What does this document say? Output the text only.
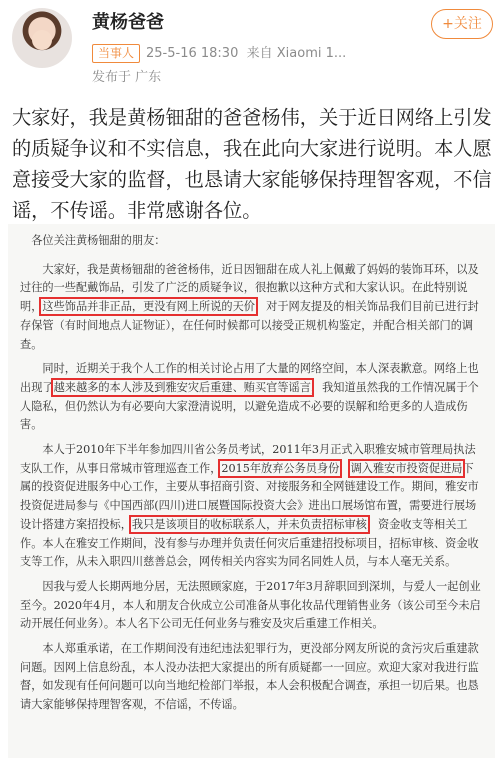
黄杨爸爸	+关注
当事人 25-5-16 18:30 来自 Xiaomi 1...
发布于 广东
大家好，我是黄杨钿甜的爸爸杨伟，关于近日网络上引发的质疑争议和不实信息，我在此向大家进行说明。本人愿意接受大家的监督，也恳请大家能够保持理智客观，不信谣，不传谣。非常感谢各位。

各位关注黄杨钿甜的朋友：

大家好，我是黄杨钿甜的爸爸杨伟，近日因钿甜在成人礼上佩戴了妈妈的装饰耳环，以及过往的一些配戴饰品，引发了广泛的质疑争议，很抱歉以这种方式和大家认识。在此特别说明，这些饰品并非正品，更没有网上所说的天价，对于网友提及的相关饰品我们目前已进行封存保管（有时间地点人证物证），在任何时候都可以接受正规机构鉴定，并配合相关部门的调查。

同时，近期关于我个人工作的相关讨论占用了大量的网络空间，本人深表歉意。网络上也出现了越来越多的本人涉及到雅安灾后重建、贿买官等谣言，我知道虽然我的工作情况属于个人隐私，但仍然认为有必要向大家澄清说明，以避免造成不必要的误解和给更多的人造成伤害。

本人于2010年下半年参加四川省公务员考试，2011年3月正式入职雅安城市管理局执法支队工作，从事日常城市管理巡查工作，2015年放弃公务员身份，调入雅安市投资促进局下属的投资促进服务中心工作，主要从事招商引资、对接服务和全网链建设工作。期间，雅安市投资促进局参与《中国西部(四川)进口展暨国际投资大会》进出口展场馆布置，需要进行展场设计搭建方案招投标，我只是该项目的收标联系人，并未负责招标审核，资金收支等相关工作。本人在雅安工作期间，没有参与办理并负责任何灾后重建招投标项目，招标审核、资金收支等工作，从未入职四川慈善总会，网传相关内容实为同名同姓人员，与本人毫无关系。

因我与爱人长期两地分居，无法照顾家庭，于2017年3月辞职回到深圳，与爱人一起创业至今。2020年4月，本人和朋友合伙成立公司准备从事化妆品代理销售业务（该公司至今未启动开展任何业务）。本人名下公司无任何业务与雅安及灾后重建工作相关。

本人郑重承诺，在工作期间没有违纪违法犯罪行为，更没部分网友所说的贪污灾后重建款问题。因网上信息纷乱，本人没办法把大家提出的所有质疑都一一回应。欢迎大家对我进行监督，如发现有任何问题可以向当地纪检部门举报，本人会积极配合调查，承担一切后果。也恳请大家能够保持理智客观，不信谣，不传谣。
